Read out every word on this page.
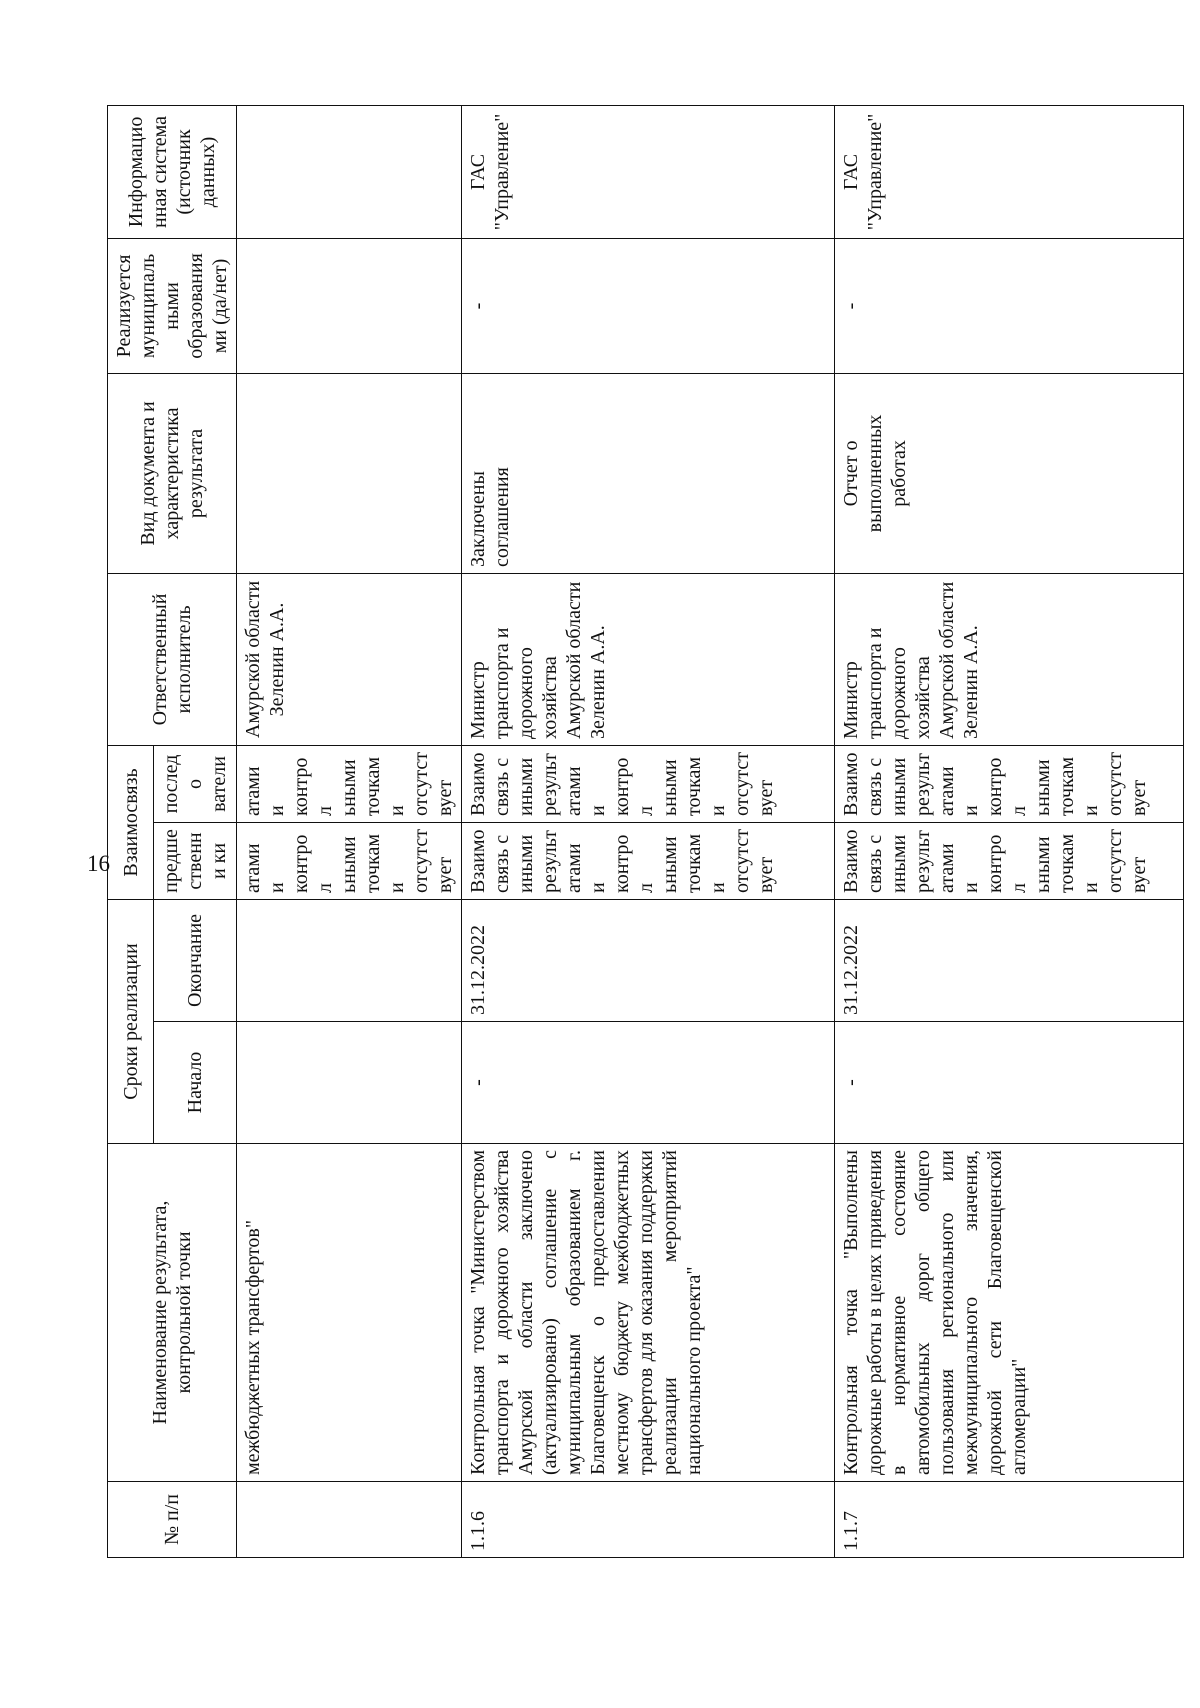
16
№ п/п	Наименование результата, контрольной точки	Сроки реализации		Взаимосвязь		Ответственный исполнитель	Вид документа и характеристика результата	Реализуется муниципаль ными образования ми (да/нет)	Информацио нная система (источник данных)
		Начало	Окончание	предше ственни ки	последо ватели				
	межбюджетных трансфертов"			атами и контрол ьными точками отсутст вует	атами и контрол ьными точками отсутст вует	Амурской области Зеленин А.А.			
1.1.6	Контрольная точка "Министерством транспорта и дорожного хозяйства Амурской области заключено (актуализировано) соглашение с муниципальным образованием г. Благовещенск о предоставлении местному бюджету межбюджетных трансфертов для оказания поддержки реализации мероприятий национального проекта"	-	31.12.2022	Взаимо связь с иными результ атами и контрол ьными точками отсутст вует	Взаимо связь с иными результ атами и контрол ьными точками отсутст вует	Министр транспорта и дорожного хозяйства Амурской области Зеленин А.А.	Заключены соглашения	-	ГАС "Управление"
1.1.7	Контрольная точка "Выполнены дорожные работы в целях приведения в нормативное состояние автомобильных дорог общего пользования регионального или межмуниципального значения, дорожной сети Благовещенской агломерации"	-	31.12.2022	Взаимо связь с иными результ атами и контрол ьными точками отсутст вует	Взаимо связь с иными результ атами и контрол ьными точками отсутст вует	Министр транспорта и дорожного хозяйства Амурской области Зеленин А.А.	Отчет о выполненных работах	-	ГАС "Управление"
